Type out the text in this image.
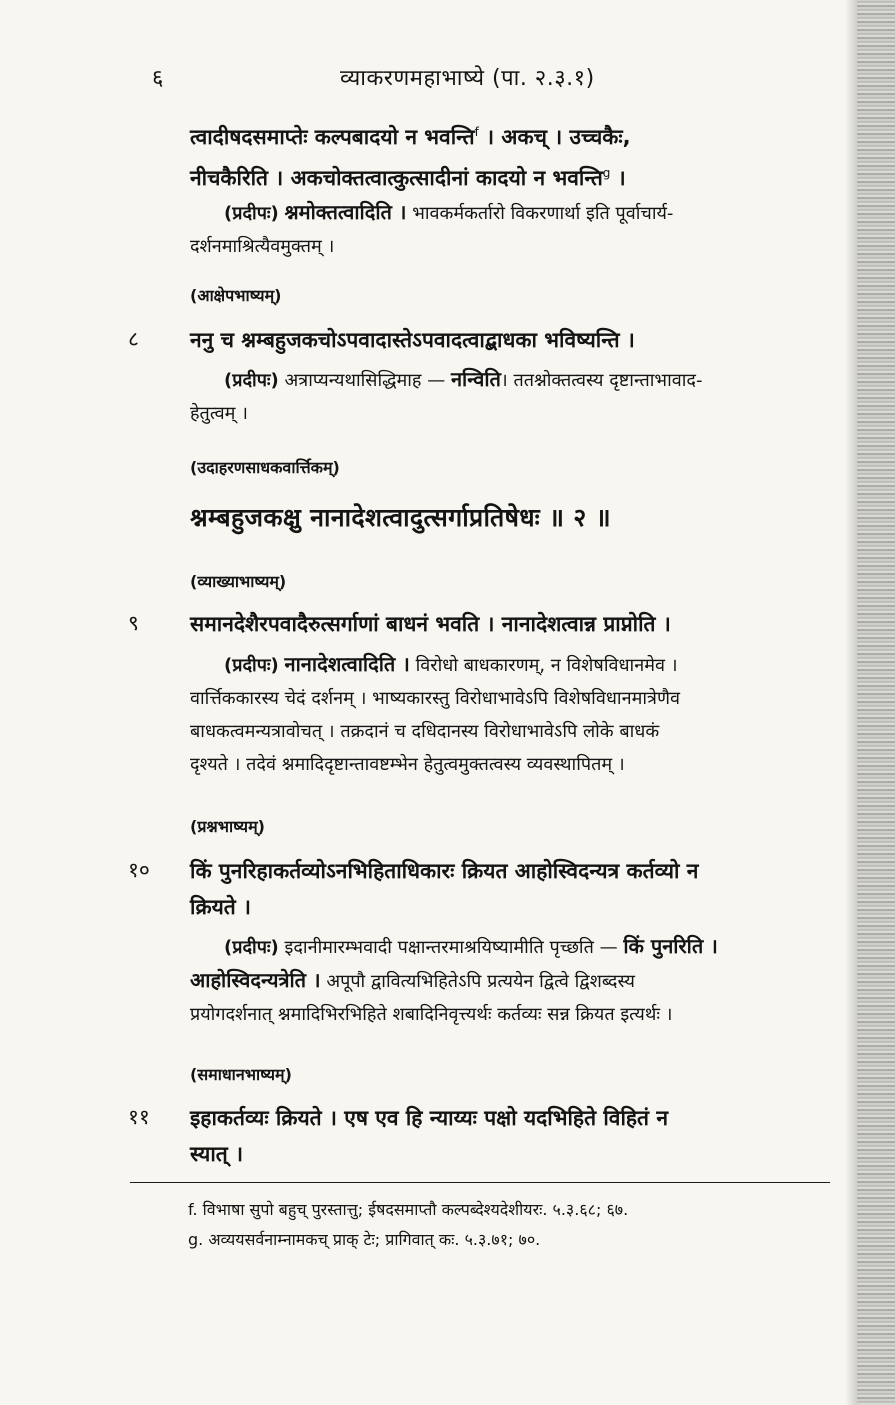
६	व्याकरणमहाभाष्ये (पा. २.३.१)
त्वादीषदसमाप्तेः कल्पबादयो न भवन्ति$^f$ । अकच् । उच्चकैः,
नीचकैरिति । अकचोक्तत्वात्कुत्सादीनां कादयो न भवन्ति$^g$ ।
(प्रदीपः) श्नमोक्तत्वादिति । भावकर्मकर्तारो विकरणार्था इति पूर्वाचार्य-
दर्शनमाश्रित्यैवमुक्तम् ।
(आक्षेपभाष्यम्)
८	ननु च श्नम्बहुजकचोऽपवादास्तेऽपवादत्वाद्बाधका भविष्यन्ति ।
(प्रदीपः) अत्राप्यन्यथासिद्धिमाह — नन्विति। ततश्नोक्तत्वस्य दृष्टान्ताभावाद-
हेतुत्वम् ।
(उदाहरणसाधकवार्त्तिकम्)
श्नम्बहुजकक्षु नानादेशत्वादुत्सर्गाप्रतिषेधः ॥ २ ॥
(व्याख्याभाष्यम्)
९	समानदेशैरपवादैरुत्सर्गाणां बाधनं भवति । नानादेशत्वान्न प्राप्नोति ।
(प्रदीपः) नानादेशत्वादिति । विरोधो बाधकारणम्, न विशेषविधानमेव ।
वार्त्तिककारस्य चेदं दर्शनम् । भाष्यकारस्तु विरोधाभावेऽपि विशेषविधानमात्रेणैव
बाधकत्वमन्यत्रावोचत् । तक्रदानं च दधिदानस्य विरोधाभावेऽपि लोके बाधकं
दृश्यते । तदेवं श्नमादिदृष्टान्तावष्टम्भेन हेतुत्वमुक्तत्वस्य व्यवस्थापितम् ।
(प्रश्नभाष्यम्)
१०	किं पुनरिहाकर्तव्योऽनभिहिताधिकारः क्रियत आहोस्विदन्यत्र कर्तव्यो न
क्रियते ।
(प्रदीपः) इदानीमारम्भवादी पक्षान्तरमाश्रयिष्यामीति पृच्छति — किं पुनरिति ।
आहोस्विदन्यत्रेति । अपूपौ द्वावित्यभिहितेऽपि प्रत्ययेन द्वित्वे द्विशब्दस्य
प्रयोगदर्शनात् श्नमादिभिरभिहिते शबादिनिवृत्त्यर्थः कर्तव्यः सन्न क्रियत इत्यर्थः ।
(समाधानभाष्यम्)
११	इहाकर्तव्यः क्रियते । एष एव हि न्याय्यः पक्षो यदभिहिते विहितं न
स्यात् ।
f. विभाषा सुपो बहुच् पुरस्तात्तु; ईषदसमाप्तौ कल्पब्देश्यदेशीयरः. ५.३.६८; ६७.
g. अव्ययसर्वनाम्नामकच् प्राक् टेः; प्रागिवात् कः. ५.३.७१; ७०.
